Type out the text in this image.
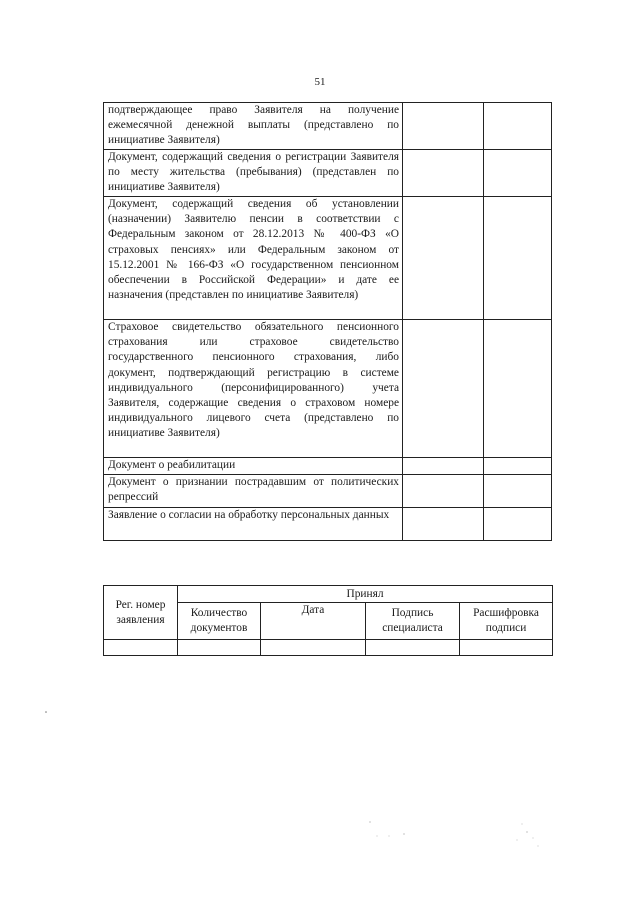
51
подтверждающее право Заявителя на получение ежемесячной денежной выплаты (представлено по инициативе Заявителя)		
Документ, содержащий сведения о регистрации Заявителя по месту жительства (пребывания) (представлен по инициативе Заявителя)		
Документ, содержащий сведения об установлении (назначении) Заявителю пенсии в соответствии с Федеральным законом от 28.12.2013 № 400-ФЗ «О страховых пенсиях» или Федеральным законом от 15.12.2001 № 166-ФЗ «О государственном пенсионном обеспечении в Российской Федерации» и дате ее назначения (представлен по инициативе Заявителя)		
Страховое свидетельство обязательного пенсионного страхования или страховое свидетельство государственного пенсионного страхования, либо документ, подтверждающий регистрацию в системе индивидуального (персонифицированного) учета Заявителя, содержащие сведения о страховом номере индивидуального лицевого счета (представлено по инициативе Заявителя)		
Документ о реабилитации		
Документ о признании пострадавшим от политических репрессий		
Заявление о согласии на обработку персональных данных		
Рег. номер заявления	Принял			
	Количество документов	Дата	Подпись специалиста	Расшифровка подписи
